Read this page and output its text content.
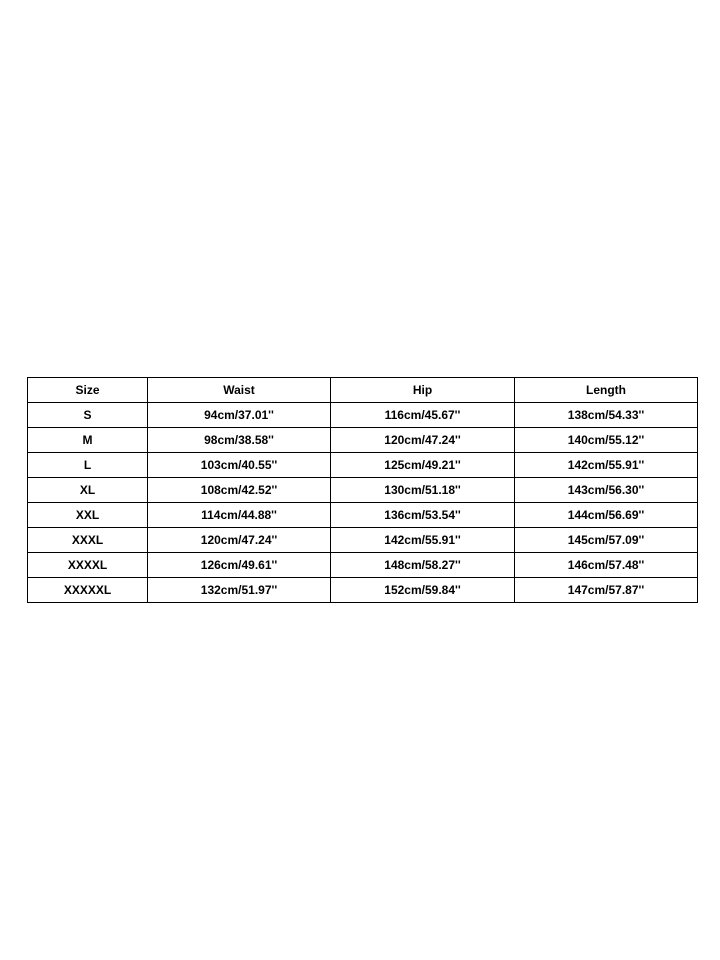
Size	Waist	Hip	Length
S	94cm/37.01''	116cm/45.67''	138cm/54.33''
M	98cm/38.58''	120cm/47.24''	140cm/55.12''
L	103cm/40.55''	125cm/49.21''	142cm/55.91''
XL	108cm/42.52''	130cm/51.18''	143cm/56.30''
XXL	114cm/44.88''	136cm/53.54''	144cm/56.69''
XXXL	120cm/47.24''	142cm/55.91''	145cm/57.09''
XXXXL	126cm/49.61''	148cm/58.27''	146cm/57.48''
XXXXXL	132cm/51.97''	152cm/59.84''	147cm/57.87''
